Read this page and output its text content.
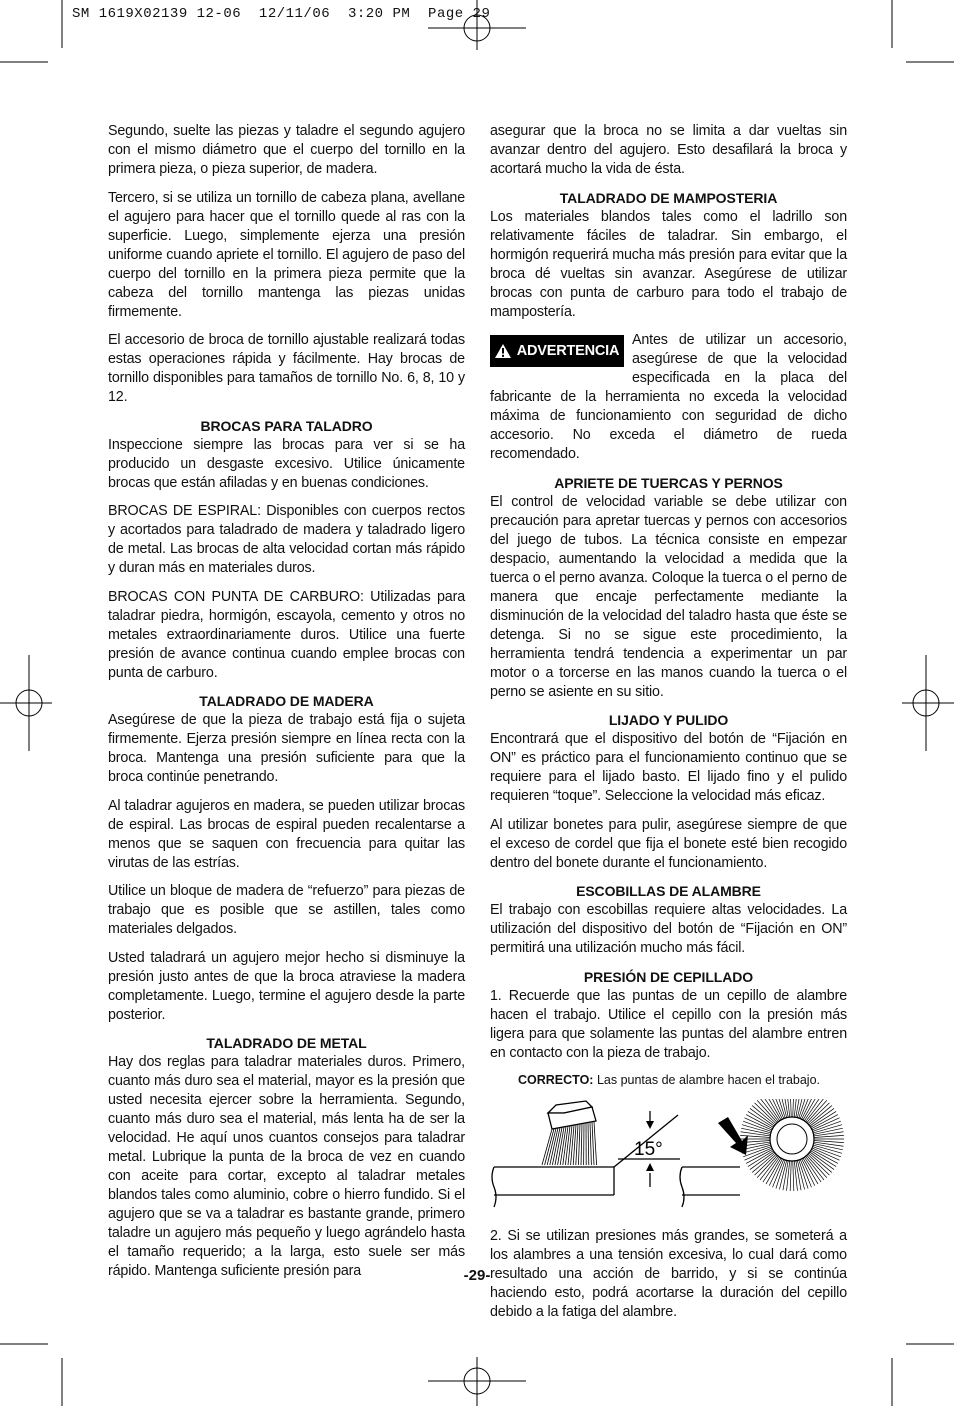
SM 1619X02139 12-06  12/11/06  3:20 PM  Page 29

Segundo, suelte las piezas y taladre el segundo agujero con el mismo diámetro que el cuerpo del tornillo en la primera pieza, o pieza superior, de madera.

Tercero, si se utiliza un tornillo de cabeza plana, avellane el agujero para hacer que el tornillo quede al ras con la superficie. Luego, simplemente ejerza una presión uniforme cuando apriete el tornillo. El agujero de paso del cuerpo del tornillo en la primera pieza permite que la cabeza del tornillo mantenga las piezas unidas firmemente.

El accesorio de broca de tornillo ajustable realizará todas estas operaciones rápida y fácilmente. Hay brocas de tornillo disponibles para tamaños de tornillo No. 6, 8, 10 y 12.

BROCAS PARA TALADRO

Inspeccione siempre las brocas para ver si se ha producido un desgaste excesivo. Utilice únicamente brocas que están afiladas y en buenas condiciones.

BROCAS DE ESPIRAL: Disponibles con cuerpos rectos y acortados para taladrado de madera y taladrado ligero de metal. Las brocas de alta velocidad cortan más rápido y duran más en materiales duros.

BROCAS CON PUNTA DE CARBURO: Utilizadas para taladrar piedra, hormigón, escayola, cemento y otros no metales extraordinariamente duros. Utilice una fuerte presión de avance continua cuando emplee brocas con punta de carburo.

TALADRADO DE MADERA

Asegúrese de que la pieza de trabajo está fija o sujeta firmemente. Ejerza presión siempre en línea recta con la broca. Mantenga una presión suficiente para que la broca continúe penetrando.

Al taladrar agujeros en madera, se pueden utilizar brocas de espiral. Las brocas de espiral pueden recalentarse a menos que se saquen con frecuencia para quitar las virutas de las estrías.

Utilice un bloque de madera de “refuerzo” para piezas de trabajo que es posible que se astillen, tales como materiales delgados.

Usted taladrará un agujero mejor hecho si disminuye la presión justo antes de que la broca atraviese la madera completamente. Luego, termine el agujero desde la parte posterior.

TALADRADO DE METAL

Hay dos reglas para taladrar materiales duros. Primero, cuanto más duro sea el material, mayor es la presión que usted necesita ejercer sobre la herramienta. Segundo, cuanto más duro sea el material, más lenta ha de ser la velocidad. He aquí unos cuantos consejos para taladrar metal. Lubrique la punta de la broca de vez en cuando con aceite para cortar, excepto al taladrar metales blandos tales como aluminio, cobre o hierro fundido. Si el agujero que se va a taladrar es bastante grande, primero taladre un agujero más pequeño y luego agrándelo hasta el tamaño requerido; a la larga, esto suele ser más rápido. Mantenga suficiente presión para

asegurar que la broca no se limita a dar vueltas sin avanzar dentro del agujero. Esto desafilará la broca y acortará mucho la vida de ésta.

TALADRADO DE MAMPOSTERIA

Los materiales blandos tales como el ladrillo son relativamente fáciles de taladrar. Sin embargo, el hormigón requerirá mucha más presión para evitar que la broca dé vueltas sin avanzar. Asegúrese de utilizar brocas con punta de carburo para todo el trabajo de mampostería.

ADVERTENCIA

Antes de utilizar un accesorio, asegúrese de que la velocidad especificada en la placa del fabricante de la herramienta no exceda la velocidad máxima de funcionamiento con seguridad de dicho accesorio. No exceda el diámetro de rueda recomendado.

APRIETE DE TUERCAS Y PERNOS

El control de velocidad variable se debe utilizar con precaución para apretar tuercas y pernos con accesorios del juego de tubos. La técnica consiste en empezar despacio, aumentando la velocidad a medida que la tuerca o el perno avanza. Coloque la tuerca o el perno de manera que encaje perfectamente mediante la disminución de la velocidad del taladro hasta que éste se detenga. Si no se sigue este procedimiento, la herramienta tendrá tendencia a experimentar un par motor o a torcerse en las manos cuando la tuerca o el perno se asiente en su sitio.

LIJADO Y PULIDO

Encontrará que el dispositivo del botón de “Fijación en ON” es práctico para el funcionamiento continuo que se requiere para el lijado basto. El lijado fino y el pulido requieren “toque”. Seleccione la velocidad más eficaz.

Al utilizar bonetes para pulir, asegúrese siempre de que el exceso de cordel que fija el bonete esté bien recogido dentro del bonete durante el funcionamiento.

ESCOBILLAS DE ALAMBRE

El trabajo con escobillas requiere altas velocidades. La utilización del dispositivo del botón de “Fijación en ON” permitirá una utilización mucho más fácil.

PRESIÓN DE CEPILLADO

1. Recuerde que las puntas de un cepillo de alambre hacen el trabajo. Utilice el cepillo con la presión más ligera para que solamente las puntas del alambre entren en contacto con la pieza de trabajo.

CORRECTO: Las puntas de alambre hacen el trabajo.
15°

2. Si se utilizan presiones más grandes, se someterá a los alambres a una tensión excesiva, lo cual dará como resultado una acción de barrido, y si se continúa haciendo esto, podrá acortarse la duración del cepillo debido a la fatiga del alambre.

-29-
